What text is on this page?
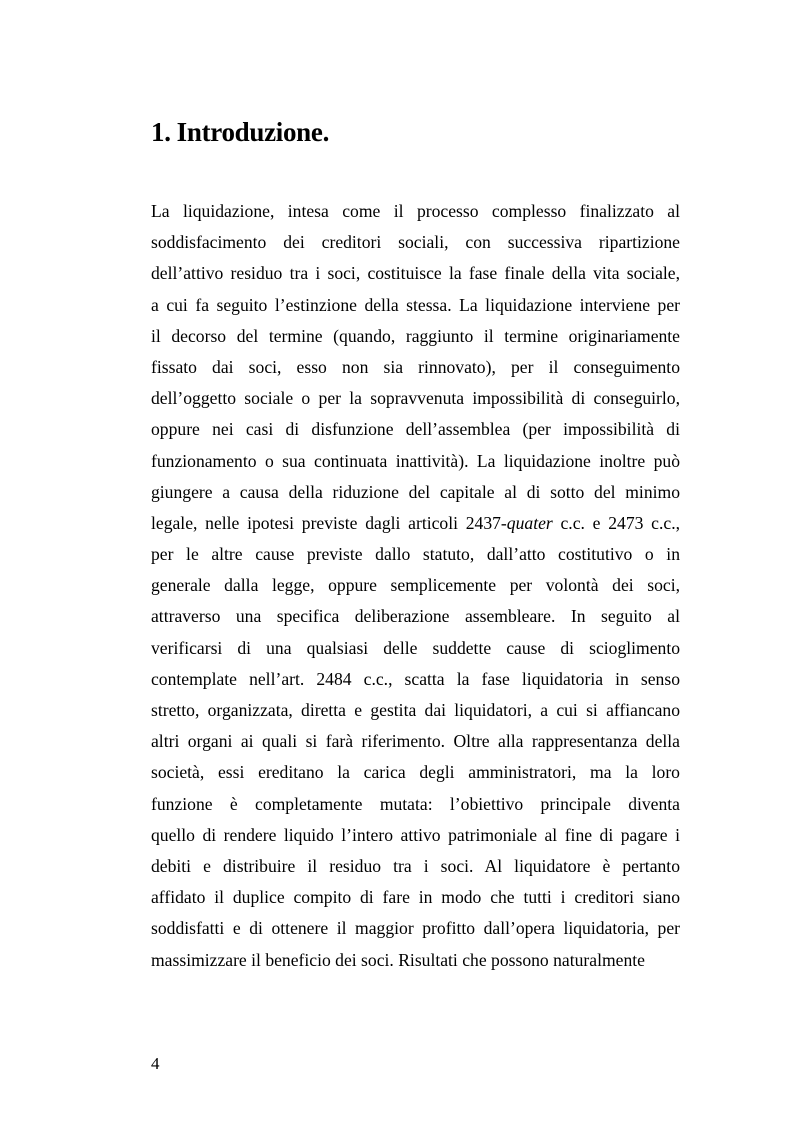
1. Introduzione.
La liquidazione, intesa come il processo complesso finalizzato al
soddisfacimento dei creditori sociali, con successiva ripartizione
dell’attivo residuo tra i soci, costituisce la fase finale della vita sociale,
a cui fa seguito l’estinzione della stessa. La liquidazione interviene per
il decorso del termine (quando, raggiunto il termine originariamente
fissato dai soci, esso non sia rinnovato), per il conseguimento
dell’oggetto sociale o per la sopravvenuta impossibilità di conseguirlo,
oppure nei casi di disfunzione dell’assemblea (per impossibilità di
funzionamento o sua continuata inattività). La liquidazione inoltre può
giungere a causa della riduzione del capitale al di sotto del minimo
legale, nelle ipotesi previste dagli articoli 2437-quater c.c. e 2473 c.c.,
per le altre cause previste dallo statuto, dall’atto costitutivo o in
generale dalla legge, oppure semplicemente per volontà dei soci,
attraverso una specifica deliberazione assembleare. In seguito al
verificarsi di una qualsiasi delle suddette cause di scioglimento
contemplate nell’art. 2484 c.c., scatta la fase liquidatoria in senso
stretto, organizzata, diretta e gestita dai liquidatori, a cui si affiancano
altri organi ai quali si farà riferimento. Oltre alla rappresentanza della
società, essi ereditano la carica degli amministratori, ma la loro
funzione è completamente mutata: l’obiettivo principale diventa
quello di rendere liquido l’intero attivo patrimoniale al fine di pagare i
debiti e distribuire il residuo tra i soci. Al liquidatore è pertanto
affidato il duplice compito di fare in modo che tutti i creditori siano
soddisfatti e di ottenere il maggior profitto dall’opera liquidatoria, per
massimizzare il beneficio dei soci. Risultati che possono naturalmente
4
